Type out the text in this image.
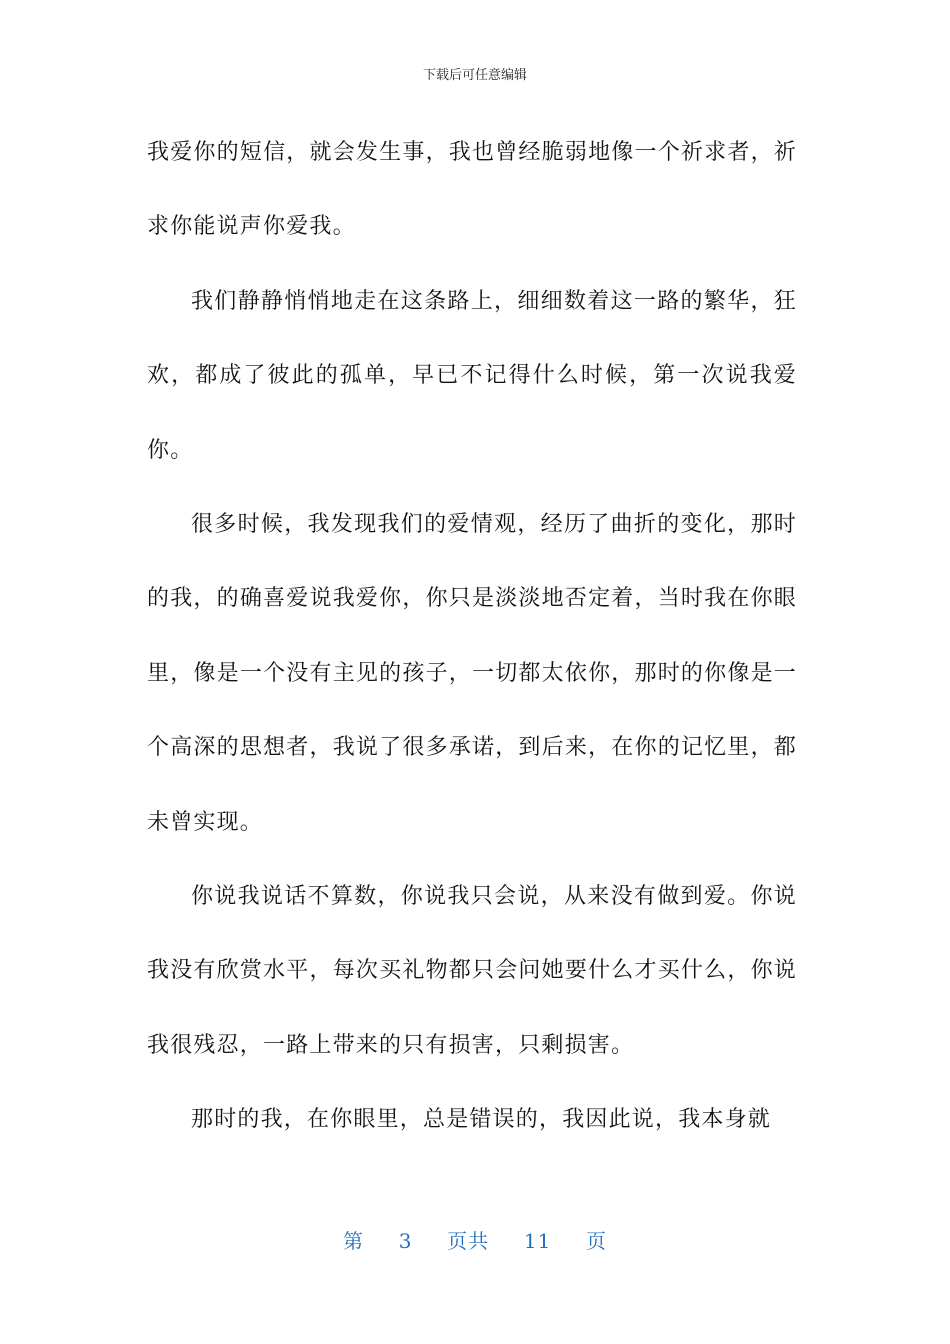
下载后可任意编辑

我爱你的短信，就会发生事，我也曾经脆弱地像一个祈求者，祈求你能说声你爱我。

我们静静悄悄地走在这条路上，细细数着这一路的繁华，狂欢，都成了彼此的孤单，早已不记得什么时候，第一次说我爱你。

很多时候，我发现我们的爱情观，经历了曲折的变化，那时的我，的确喜爱说我爱你，你只是淡淡地否定着，当时我在你眼里，像是一个没有主见的孩子，一切都太依你，那时的你像是一个高深的思想者，我说了很多承诺，到后来，在你的记忆里，都未曾实现。

你说我说话不算数，你说我只会说，从来没有做到爱。你说我没有欣赏水平，每次买礼物都只会问她要什么才买什么，你说我很残忍，一路上带来的只有损害，只剩损害。

那时的我，在你眼里，总是错误的，我因此说，我本身就

第 3 页共 11 页
